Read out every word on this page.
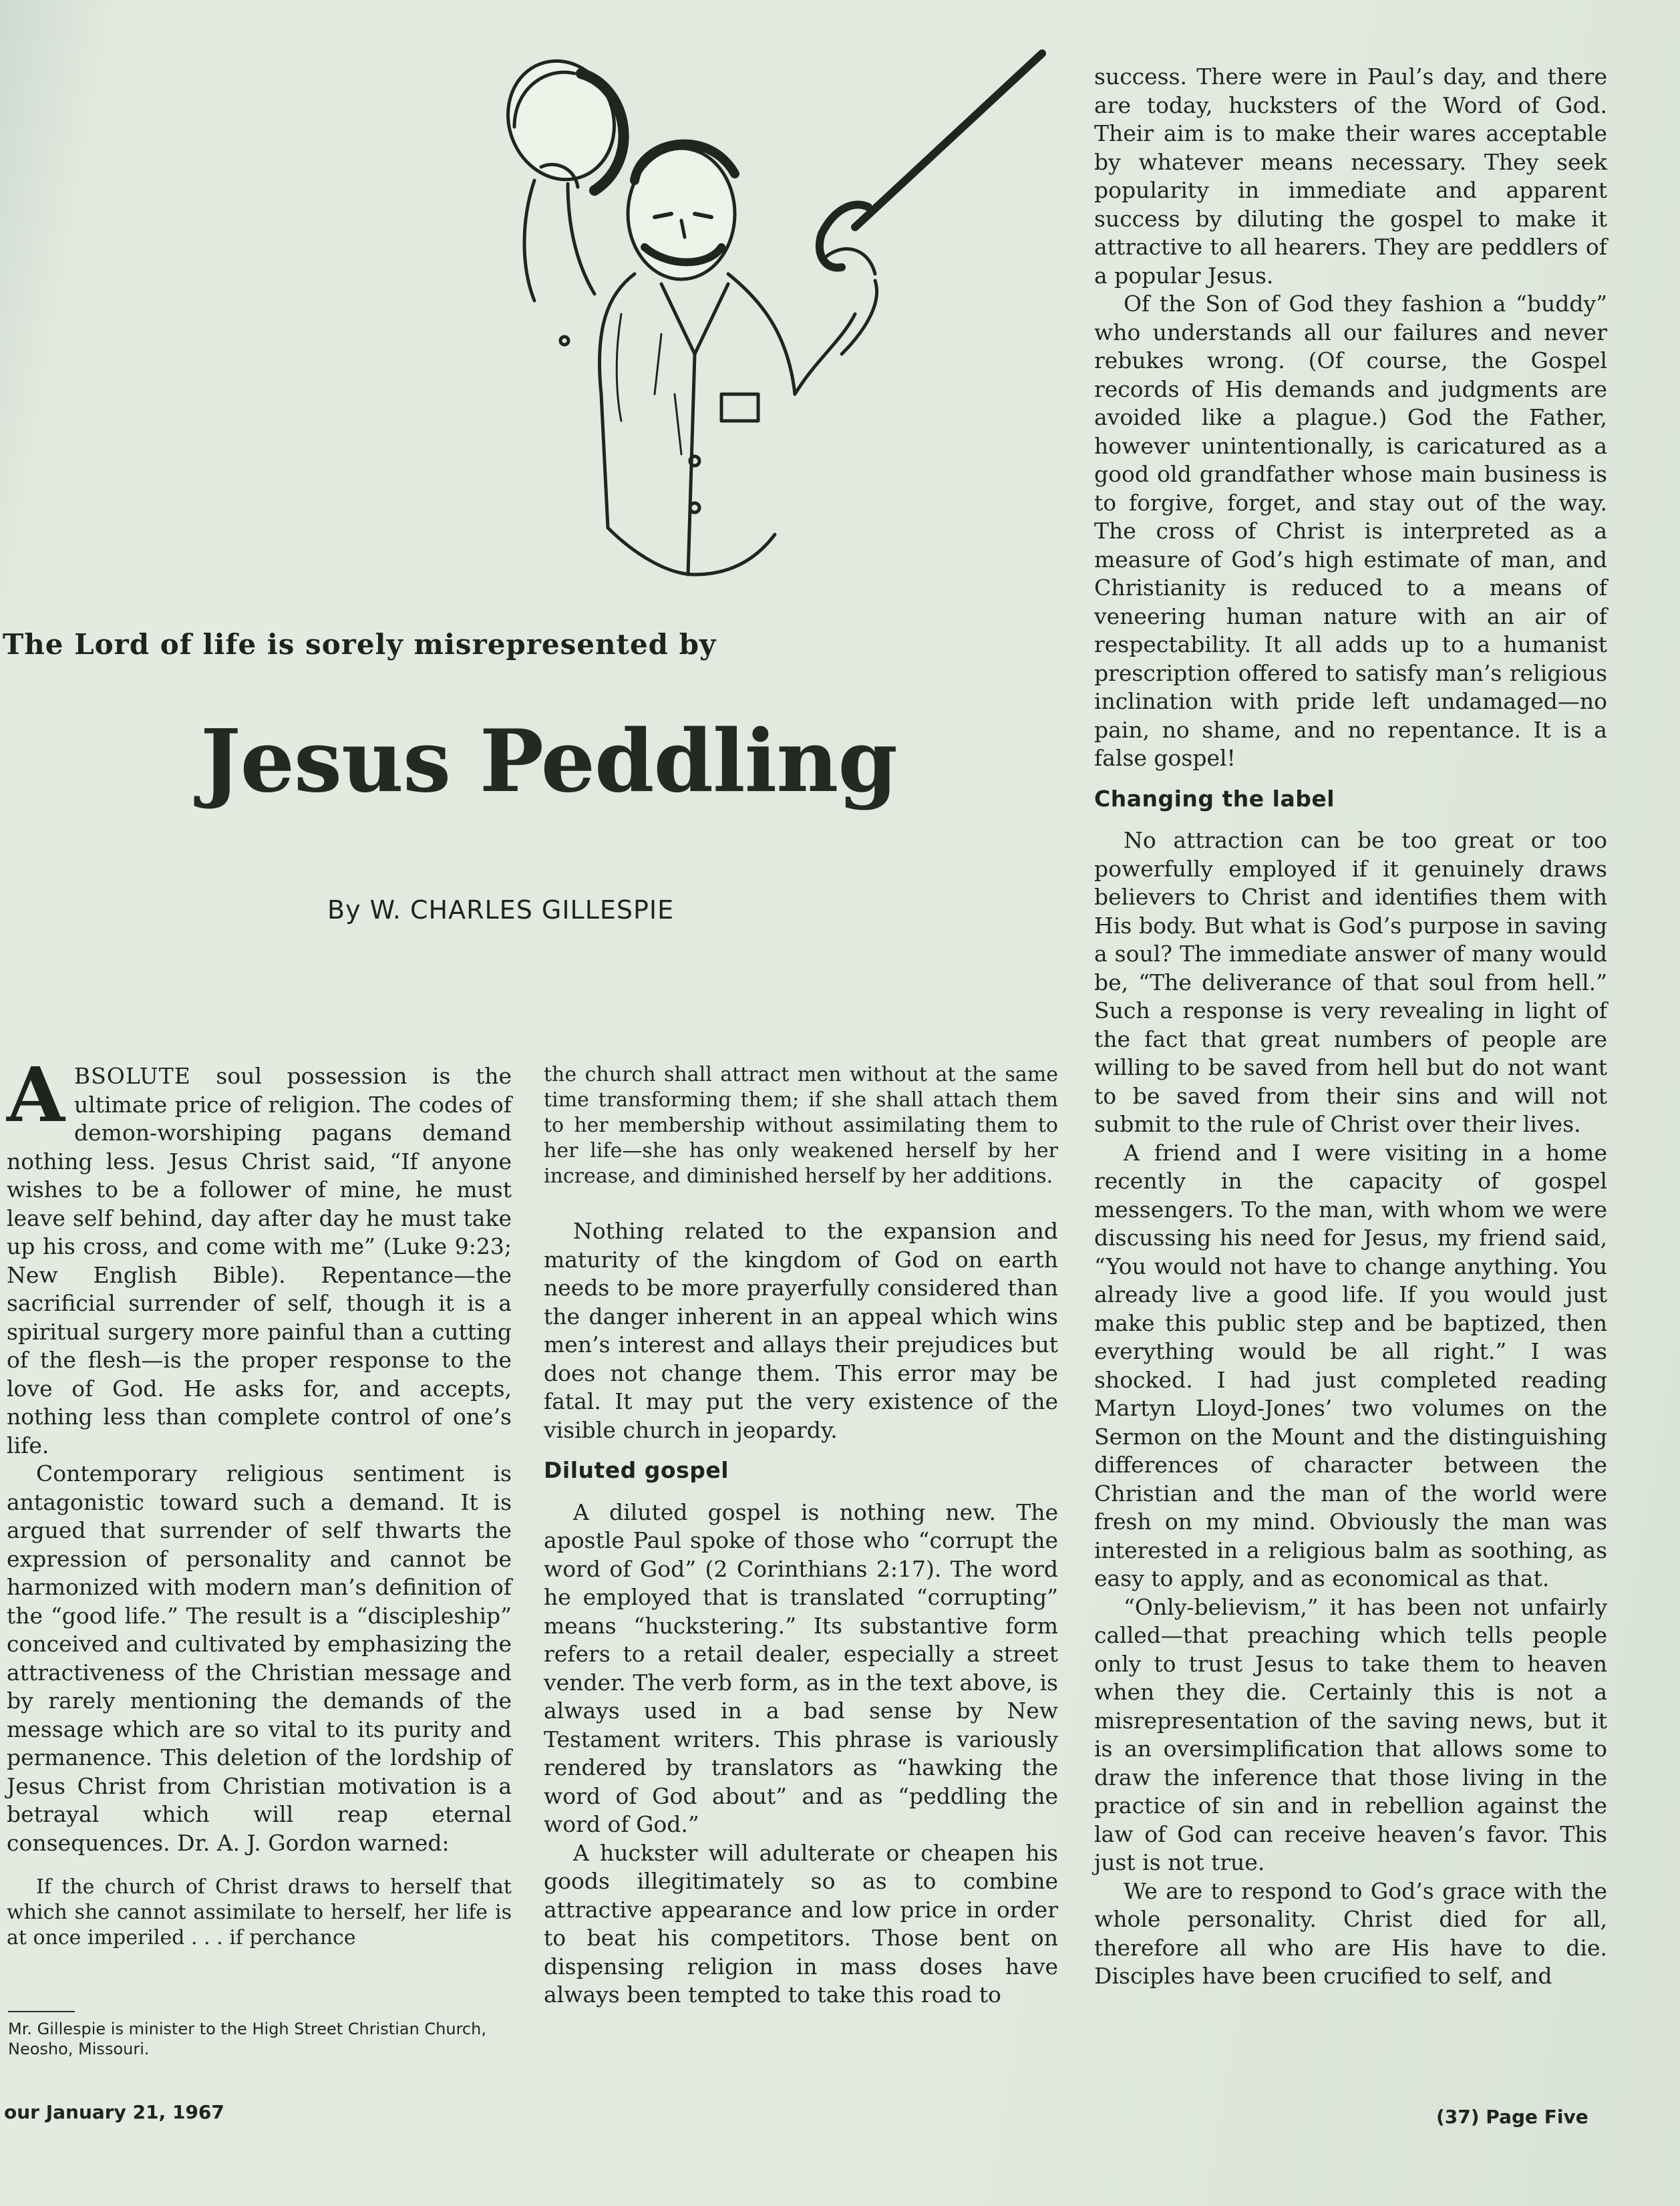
The Lord of life is sorely misrepresented by
Jesus Peddling
By W. CHARLES GILLESPIE

ABSOLUTE soul possession is the ultimate price of religion. The codes of demon-worshiping pagans demand nothing less. Jesus Christ said, “If anyone wishes to be a follower of mine, he must leave self behind, day after day he must take up his cross, and come with me” (Luke 9:23; New English Bible). Repentance—the sacrificial surrender of self, though it is a spiritual surgery more painful than a cutting of the flesh—is the proper response to the love of God. He asks for, and accepts, nothing less than complete control of one’s life.

Contemporary religious sentiment is antagonistic toward such a demand. It is argued that surrender of self thwarts the expression of personality and cannot be harmonized with modern man’s definition of the “good life.” The result is a “discipleship” conceived and cultivated by emphasizing the attractiveness of the Christian message and by rarely mentioning the demands of the message which are so vital to its purity and permanence. This deletion of the lordship of Jesus Christ from Christian motivation is a betrayal which will reap eternal consequences. Dr. A. J. Gordon warned:

If the church of Christ draws to herself that which she cannot assimilate to herself, her life is at once imperiled . . . if perchance

the church shall attract men without at the same time transforming them; if she shall attach them to her membership without assimilating them to her life—she has only weakened herself by her increase, and diminished herself by her additions.

Nothing related to the expansion and maturity of the kingdom of God on earth needs to be more prayerfully considered than the danger inherent in an appeal which wins men’s interest and allays their prejudices but does not change them. This error may be fatal. It may put the very existence of the visible church in jeopardy.

Diluted gospel

A diluted gospel is nothing new. The apostle Paul spoke of those who “corrupt the word of God” (2 Corinthians 2:17). The word he employed that is translated “corrupting” means “huckstering.” Its substantive form refers to a retail dealer, especially a street vender. The verb form, as in the text above, is always used in a bad sense by New Testament writers. This phrase is variously rendered by translators as “hawking the word of God about” and as “peddling the word of God.”

A huckster will adulterate or cheapen his goods illegitimately so as to combine attractive appearance and low price in order to beat his competitors. Those bent on dispensing religion in mass doses have always been tempted to take this road to

success. There were in Paul’s day, and there are today, hucksters of the Word of God. Their aim is to make their wares acceptable by whatever means necessary. They seek popularity in immediate and apparent success by diluting the gospel to make it attractive to all hearers. They are peddlers of a popular Jesus.

Of the Son of God they fashion a “buddy” who understands all our failures and never rebukes wrong. (Of course, the Gospel records of His demands and judgments are avoided like a plague.) God the Father, however unintentionally, is caricatured as a good old grandfather whose main business is to forgive, forget, and stay out of the way. The cross of Christ is interpreted as a measure of God’s high estimate of man, and Christianity is reduced to a means of veneering human nature with an air of respectability. It all adds up to a humanist prescription offered to satisfy man’s religious inclination with pride left undamaged—no pain, no shame, and no repentance. It is a false gospel!

Changing the label

No attraction can be too great or too powerfully employed if it genuinely draws believers to Christ and identifies them with His body. But what is God’s purpose in saving a soul? The immediate answer of many would be, “The deliverance of that soul from hell.” Such a response is very revealing in light of the fact that great numbers of people are willing to be saved from hell but do not want to be saved from their sins and will not submit to the rule of Christ over their lives.

A friend and I were visiting in a home recently in the capacity of gospel messengers. To the man, with whom we were discussing his need for Jesus, my friend said, “You would not have to change anything. You already live a good life. If you would just make this public step and be baptized, then everything would be all right.” I was shocked. I had just completed reading Martyn Lloyd-Jones’ two volumes on the Sermon on the Mount and the distinguishing differences of character between the Christian and the man of the world were fresh on my mind. Obviously the man was interested in a religious balm as soothing, as easy to apply, and as economical as that.

“Only-believism,” it has been not unfairly called—that preaching which tells people only to trust Jesus to take them to heaven when they die. Certainly this is not a misrepresentation of the saving news, but it is an oversimplification that allows some to draw the inference that those living in the practice of sin and in rebellion against the law of God can receive heaven’s favor. This just is not true.

We are to respond to God’s grace with the whole personality. Christ died for all, therefore all who are His have to die. Disciples have been crucified to self, and

Mr. Gillespie is minister to the High Street Christian Church, Neosho, Missouri.
our January 21, 1967	(37) Page Five
